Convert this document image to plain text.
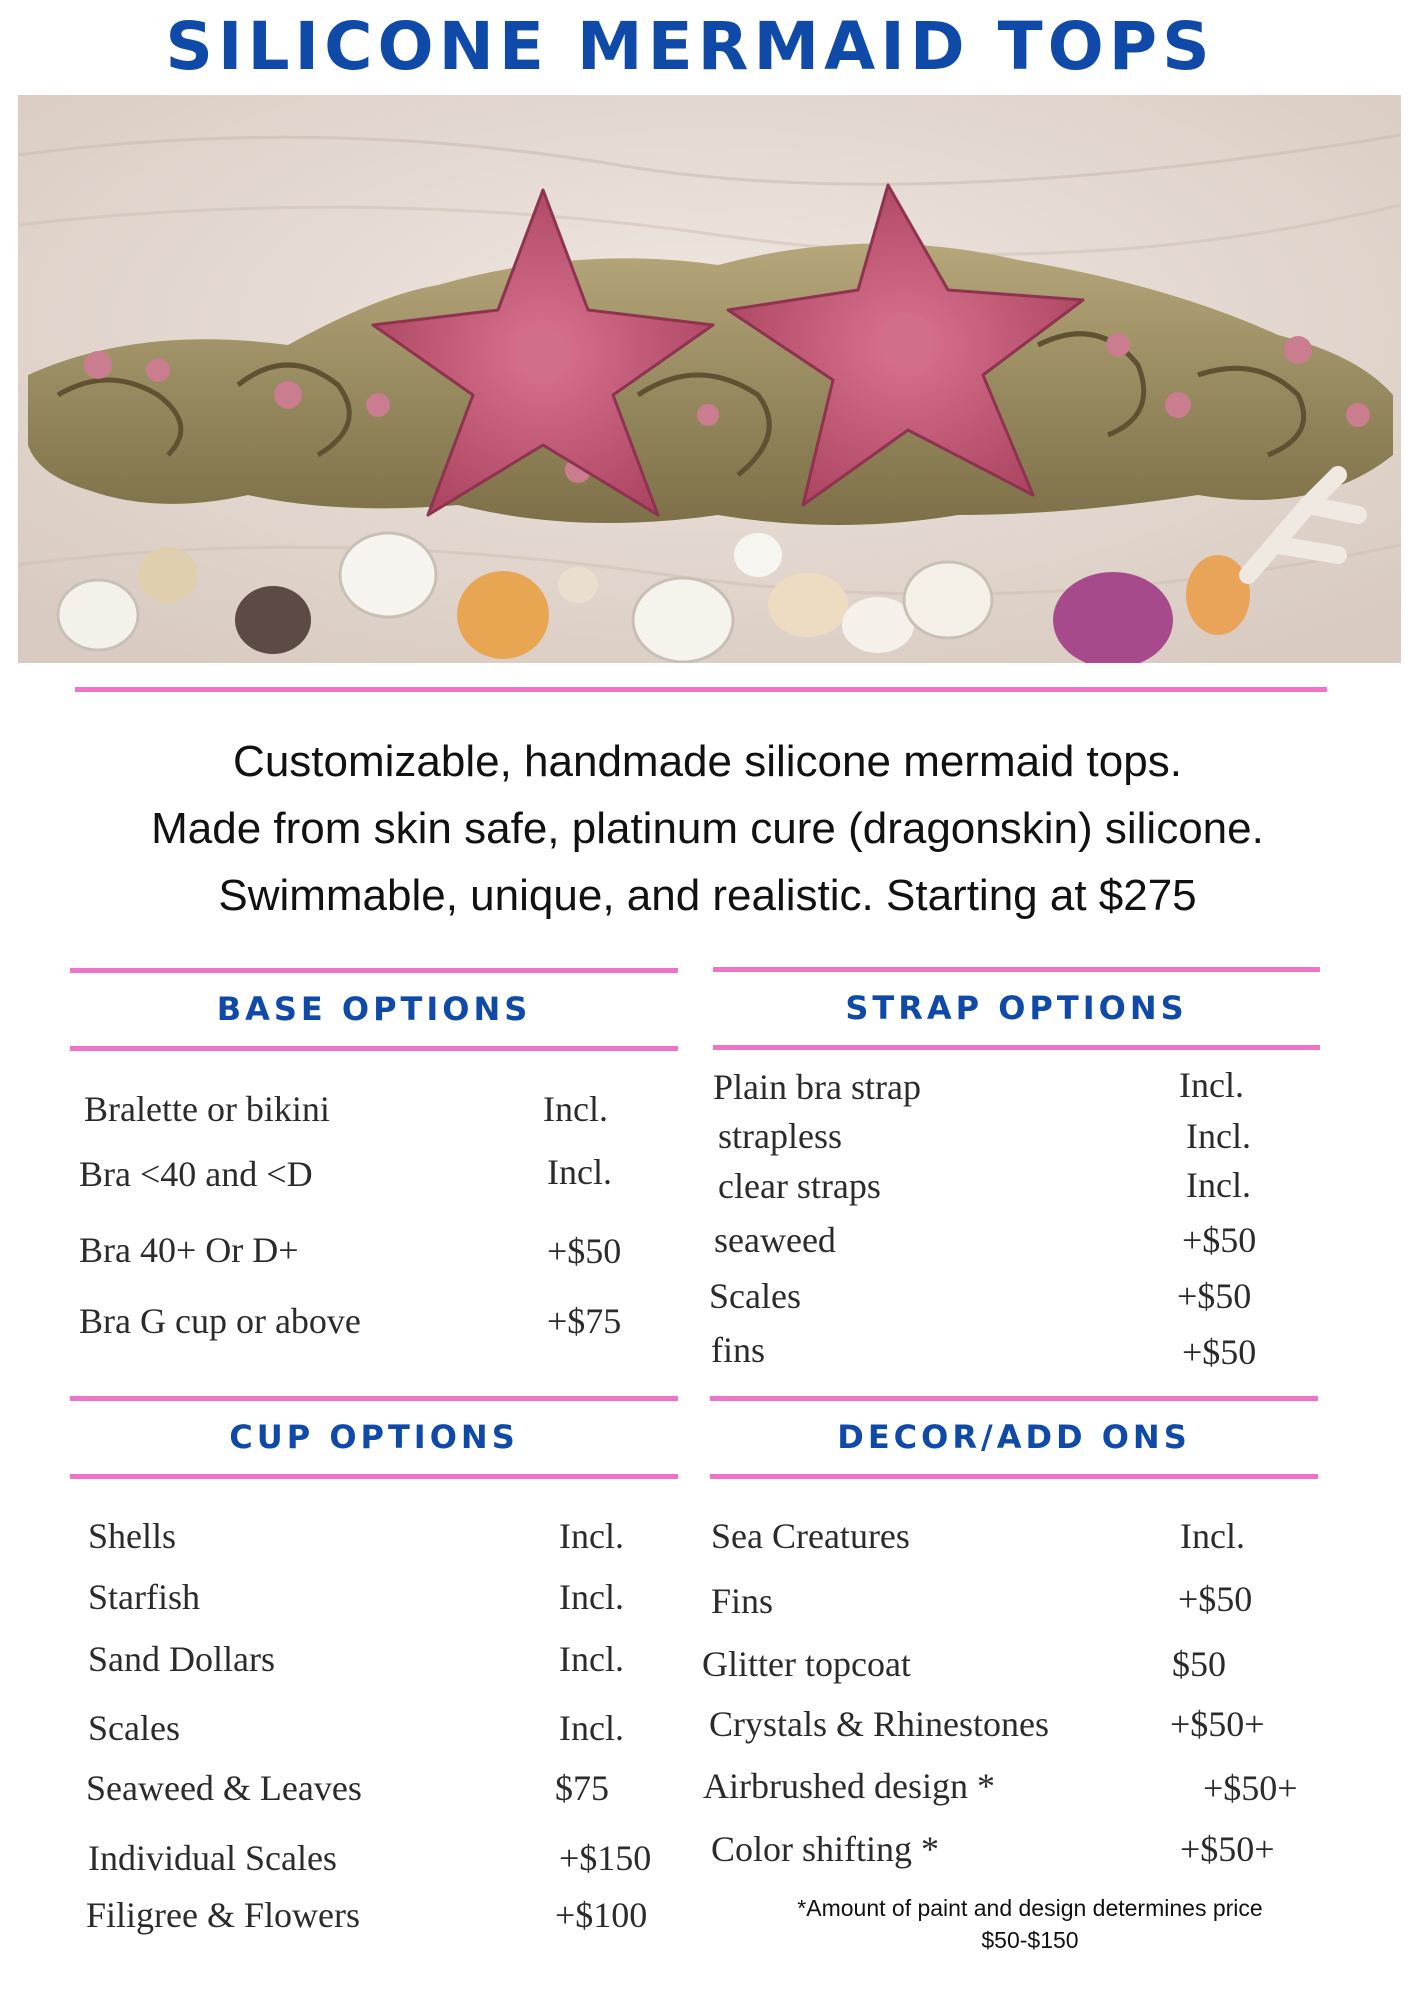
SILICONE MERMAID TOPS
Customizable, handmade silicone mermaid tops.
Made from skin safe, platinum cure (dragonskin) silicone.
Swimmable, unique, and realistic. Starting at $275
BASE OPTIONS
Bralette or bikini	Incl.
Bra <40 and <D	Incl.
Bra 40+ Or D+	+$50
Bra G cup or above	+$75
STRAP OPTIONS
Plain bra strap	Incl.
strapless	Incl.
clear straps	Incl.
seaweed	+$50
Scales	+$50
fins	+$50
CUP OPTIONS
Shells	Incl.
Starfish	Incl.
Sand Dollars	Incl.
Scales	Incl.
Seaweed & Leaves	$75
Individual Scales	+$150
Filigree & Flowers	+$100
DECOR/ADD ONS
Sea Creatures	Incl.
Fins	+$50
Glitter topcoat	$50
Crystals & Rhinestones	+$50+
Airbrushed design *	+$50+
Color shifting *	+$50+
*Amount of paint and design determines price
$50-$150
